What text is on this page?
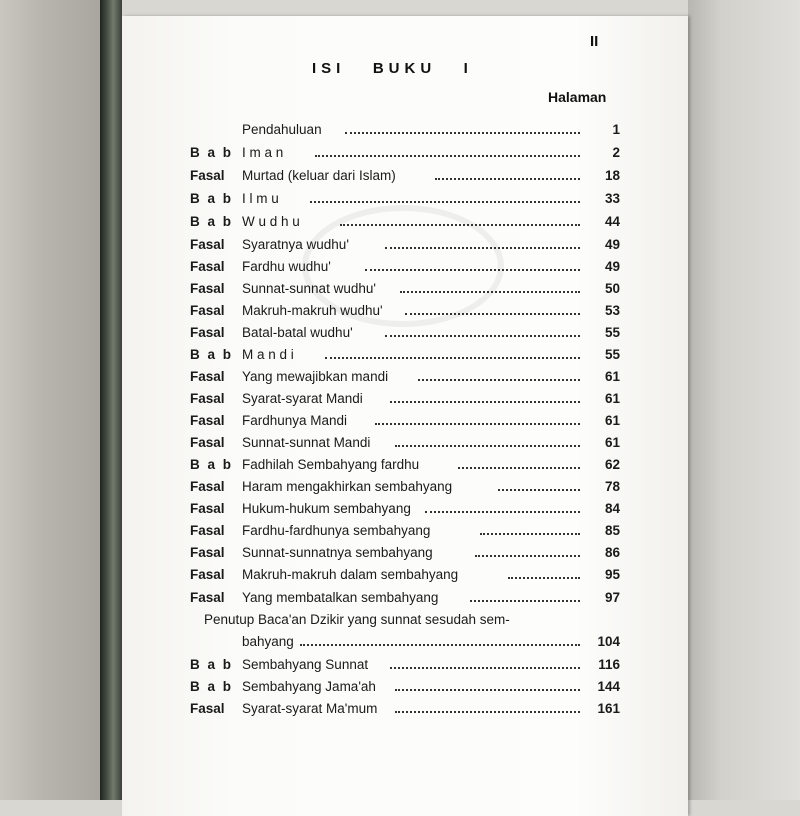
II
ISI   BUKU   I
Halaman
Pendahuluan	1
B a b I m a n	2
Fasal Murtad (keluar dari Islam)	18
B a b I l m u	33
B a b W u d h u	44
Fasal Syaratnya wudhu'	49
Fasal Fardhu wudhu'	49
Fasal Sunnat-sunnat wudhu'	50
Fasal Makruh-makruh wudhu'	53
Fasal Batal-batal wudhu'	55
B a b M a n d i	55
Fasal Yang mewajibkan mandi	61
Fasal Syarat-syarat Mandi	61
Fasal Fardhunya Mandi	61
Fasal Sunnat-sunnat Mandi	61
B a b Fadhilah Sembahyang fardhu	62
Fasal Haram mengakhirkan sembahyang	78
Fasal Hukum-hukum sembahyang	84
Fasal Fardhu-fardhunya sembahyang	85
Fasal Sunnat-sunnatnya sembahyang	86
Fasal Makruh-makruh dalam sembahyang	95
Fasal Yang membatalkan sembahyang	97
Penutup Baca'an Dzikir yang sunnat sesudah sem-
bahyang	104
B a b Sembahyang Sunnat	116
B a b Sembahyang Jama'ah	144
Fasal Syarat-syarat Ma'mum	161
